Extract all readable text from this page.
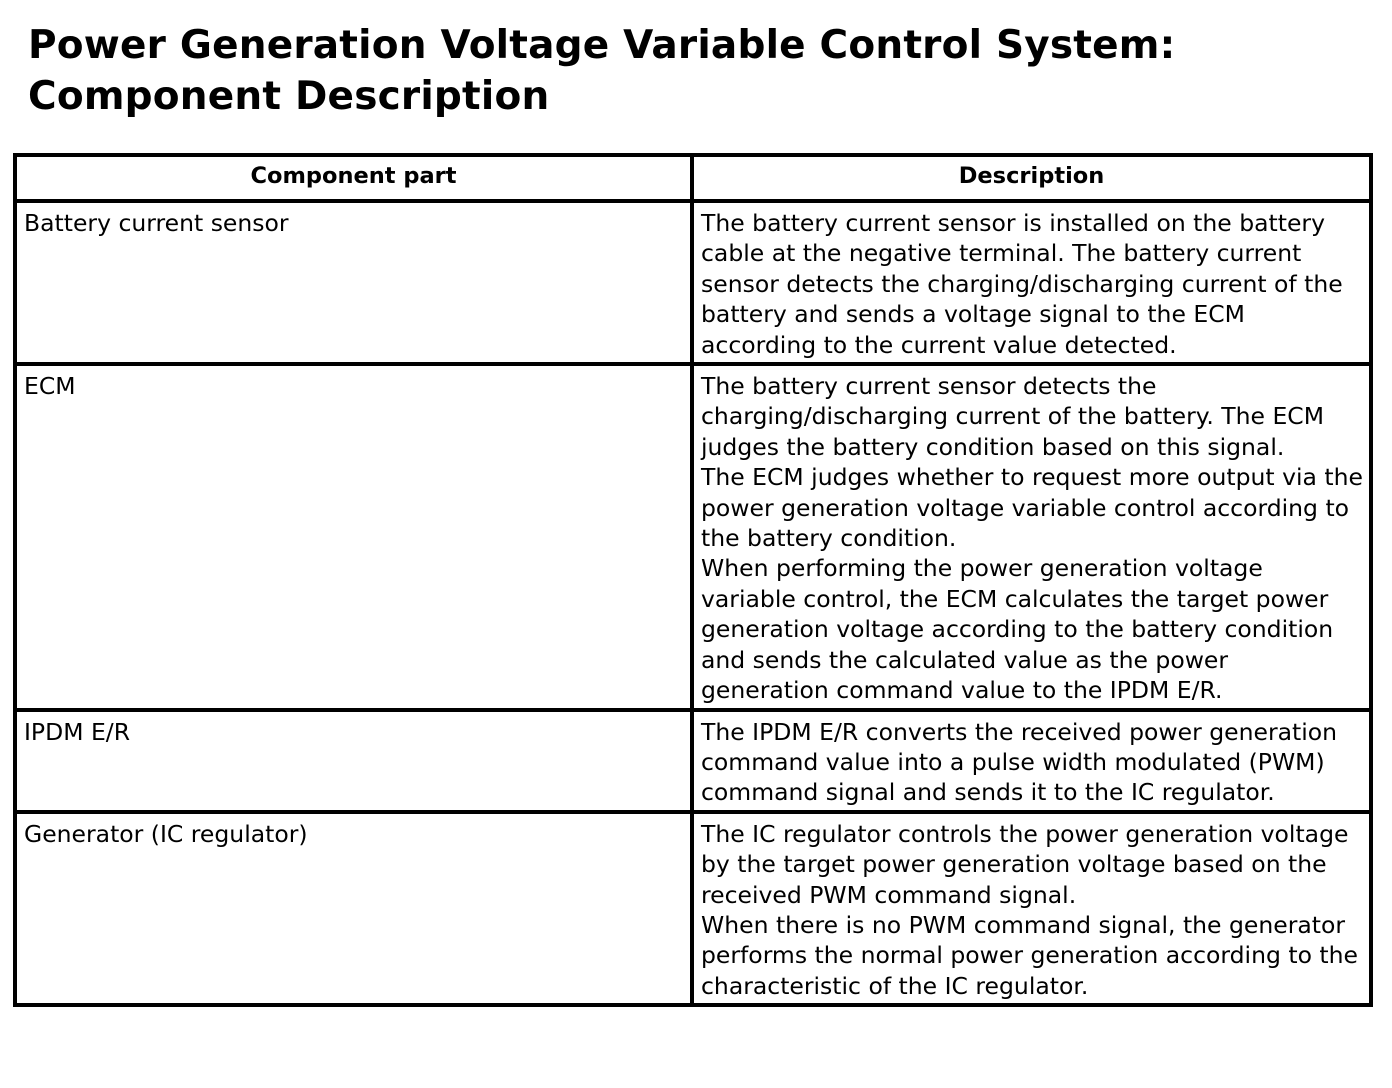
Power Generation Voltage Variable Control System:
Component Description
Component part	Description
Battery current sensor	The battery current sensor is installed on the battery cable at the negative terminal. The battery current sensor detects the charging/discharging current of the battery and sends a voltage signal to the ECM according to the current value detected.

ECM	The battery current sensor detects the charging/discharging current of the battery. The ECM judges the battery condition based on this signal.
The ECM judges whether to request more output via the power generation voltage variable control according to the battery condition.
When performing the power generation voltage variable control, the ECM calculates the target power generation voltage according to the battery condition and sends the calculated value as the power generation command value to the IPDM E/R.

IPDM E/R	The IPDM E/R converts the received power generation command value into a pulse width modulated (PWM) command signal and sends it to the IC regulator.

Generator (IC regulator)	The IC regulator controls the power generation voltage by the target power generation voltage based on the received PWM command signal.
When there is no PWM command signal, the generator performs the normal power generation according to the characteristic of the IC regulator.
